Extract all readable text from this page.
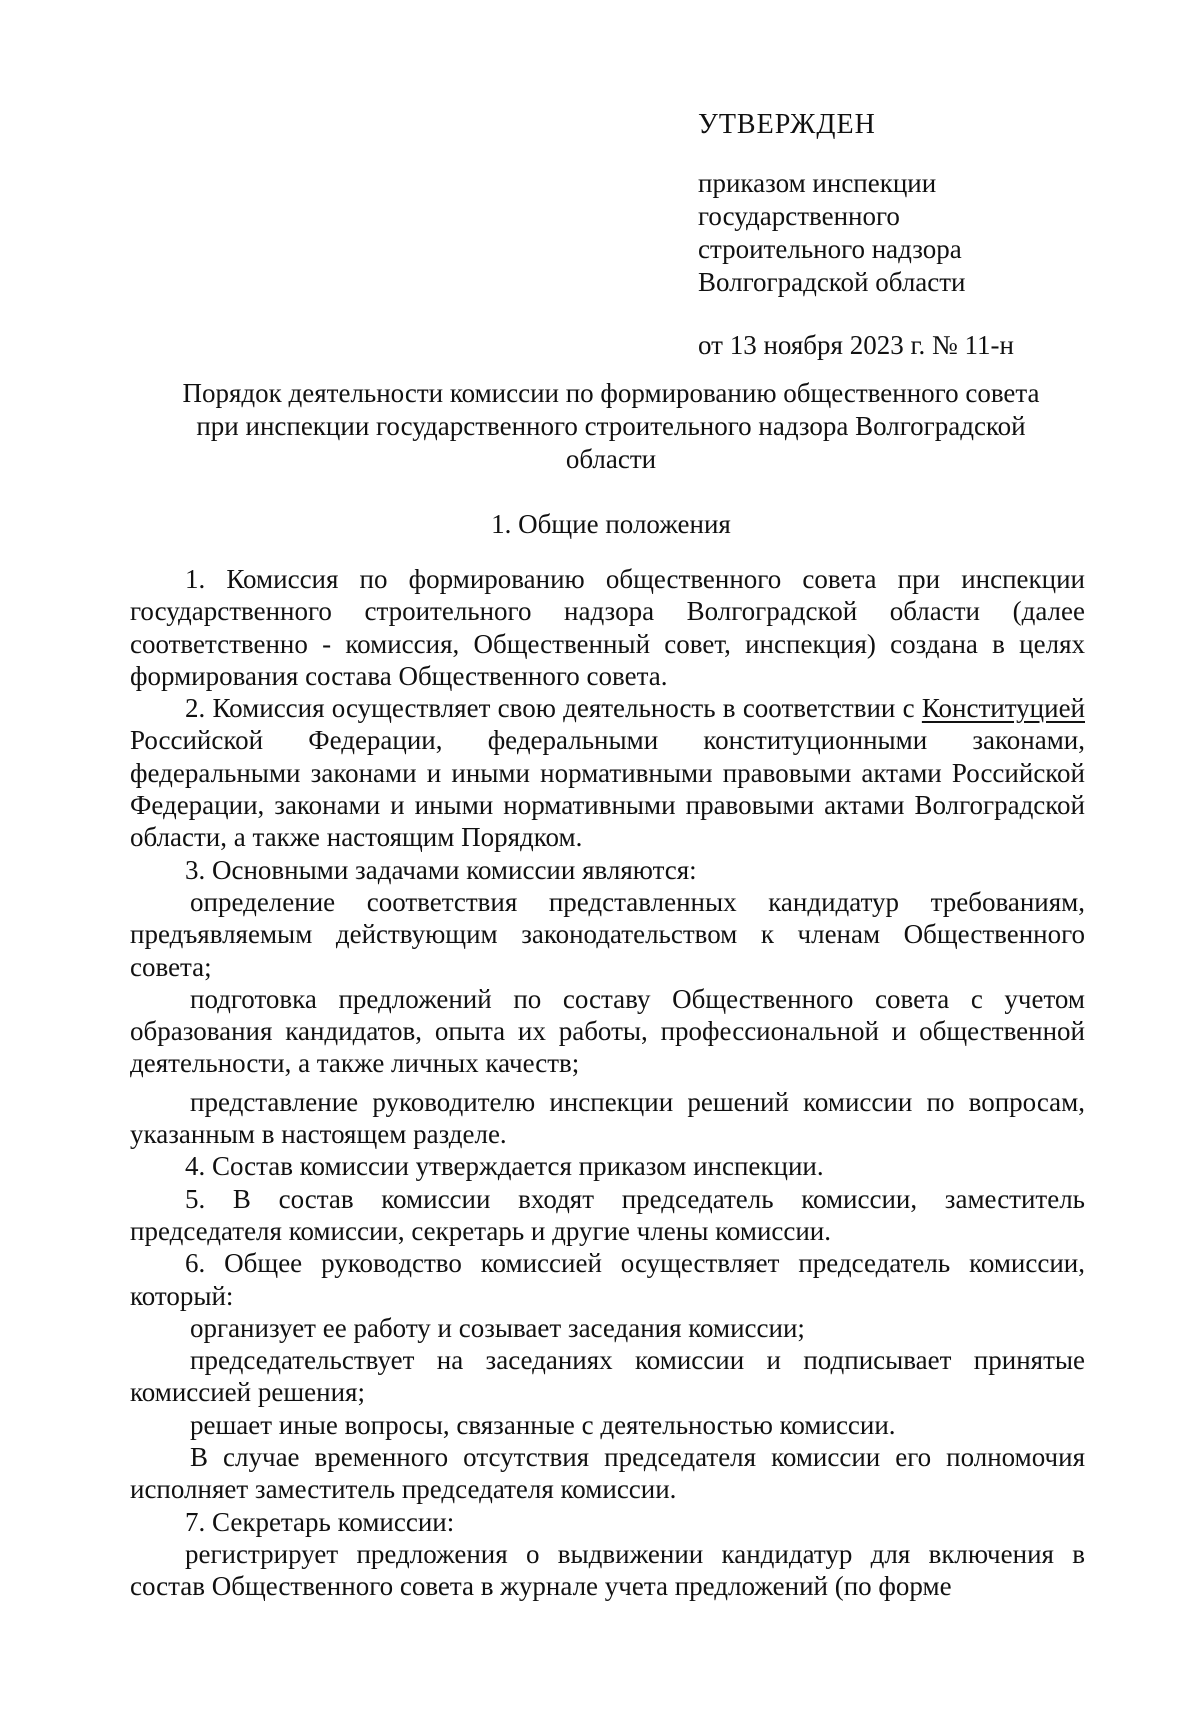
УТВЕРЖДЕН
приказом инспекции
государственного
строительного надзора
Волгоградской области
от 13 ноября 2023 г. № 11-н
Порядок деятельности комиссии по формированию общественного совета
при инспекции государственного строительного надзора Волгоградской
области
1. Общие положения

1. Комиссия по формированию общественного совета при инспекции государственного строительного надзора Волгоградской области (далее соответственно - комиссия, Общественный совет, инспекция) создана в целях формирования состава Общественного совета.

2. Комиссия осуществляет свою деятельность в соответствии с Конституцией Российской Федерации, федеральными конституционными законами, федеральными законами и иными нормативными правовыми актами Российской Федерации, законами и иными нормативными правовыми актами Волгоградской области, а также настоящим Порядком.

3. Основными задачами комиссии являются:

определение соответствия представленных кандидатур требованиям, предъявляемым действующим законодательством к членам Общественного совета;

подготовка предложений по составу Общественного совета с учетом образования кандидатов, опыта их работы, профессиональной и общественной деятельности, а также личных качеств;

представление руководителю инспекции решений комиссии по вопросам, указанным в настоящем разделе.

4. Состав комиссии утверждается приказом инспекции.

5. В состав комиссии входят председатель комиссии, заместитель председателя комиссии, секретарь и другие члены комиссии.

6. Общее руководство комиссией осуществляет председатель комиссии, который:

организует ее работу и созывает заседания комиссии;

председательствует на заседаниях комиссии и подписывает принятые комиссией решения;

решает иные вопросы, связанные с деятельностью комиссии.

В случае временного отсутствия председателя комиссии его полномочия исполняет заместитель председателя комиссии.

7. Секретарь комиссии:

регистрирует предложения о выдвижении кандидатур для включения в состав Общественного совета в журнале учета предложений (по форме
